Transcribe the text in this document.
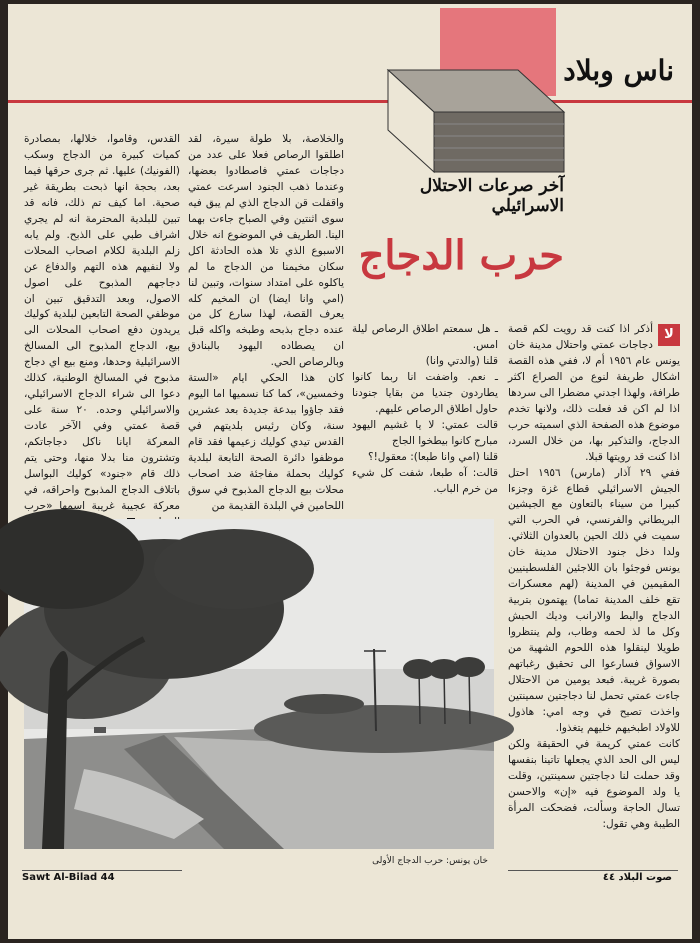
ناس وبلاد

آخر صرعات الاحتلال الاسرائيلي

حرب الدجاج

لا
أذكر اذا كنت قد رويت لكم قصة دجاجات عمتي واحتلال مدينة خان يونس عام ١٩٥٦ أم لا، ففي هذه القصة اشكال طريفة لنوع من الصراع اكثر طرافة، ولهذا اجدني مضطرا الى سردها اذا لم اكن قد فعلت ذلك، ولانها تخدم موضوع هذه الصفحة الذي اسميته حرب الدجاج، والتذكير بها، من خلال السرد، اذا كنت قد رويتها قبلا.
ففي ٢٩ آذار (مارس) ١٩٥٦ احتل الجيش الاسرائيلي قطاع غزة وجزءا كبيرا من سيناء بالتعاون مع الجيشين البريطاني والفرنسي، في الحرب التي سميت في ذلك الحين بالعدوان الثلاثي. ولدا دخل جنود الاحتلال مدينة خان يونس فوجئوا بان اللاجئين الفلسطينيين المقيمين في المدينة (لهم معسكرات تقع خلف المدينة تماما) يهتمون بتربية الدجاج والبط والارانب وديك الحبش وكل ما لذ لحمه وطاب، ولم ينتظروا طويلا لينقلوا هذه اللحوم الشهية من الاسواق فسارعوا الى تحقيق رغباتهم بصورة غريبة. فبعد يومين من الاحتلال جاءت عمتي تحمل لنا دجاجتين سمينتين واخذت تصيح في وجه امي: هاذول للاولاد اطبخيهم خليهم يتغذوا.
كانت عمتي كريمة في الحقيقة ولكن ليس الى الحد الذي يجعلها تاتينا بنفسها وقد حملت لنا دجاجتين سمينتين، وقلت يا ولد الموضوع فيه «إن» والاحسن تسال الحاجة وسألت، فضحكت المرأة الطيبة وهي تقول:
ـ هل سمعتم اطلاق الرصاص ليلة امس.
قلنا (والدتي وانا)
ـ نعم. واضفت انا ربما كانوا يطاردون جنديا من بقايا جنودنا حاول اطلاق الرصاص عليهم.
قالت عمتي: لا يا غشيم اليهود مبارح كانوا بيطخوا الجاج
قلنا (امي وانا طبعا): معقول!؟
قالت: آه طبعا، شفت كل شيء من خرم الباب.
والخلاصة، بلا طولة سيرة، لقد اطلقوا الرصاص فعلا على عدد من دجاجات عمتي فاصطادوا بعضها، وعندما ذهب الجنود اسرعت عمتي واقفلت قن الدجاج الذي لم يبق فيه سوى اثنتين وفي الصباح جاءت بهما الينا. الطريف في الموضوع انه خلال الاسبوع الذي تلا هذه الحادثة اكل سكان مخيمنا من الدجاج ما لم ياكلوه على امتداد سنوات، وتبين لنا (امي وانا ايضا) ان المخيم كله يعرف القصة، لهذا سارع كل من عنده دجاج بذبحه وطبخه واكله قبل ان يصطاده اليهود بالبنادق وبالرصاص الحي.
كان هذا الحكي ايام «الستة وخمسين»، كما كنا نسميها اما اليوم فقد جاؤوا ببدعة جديدة بعد عشرين سنة، وكان رئيس بلديتهم في القدس تيدي كوليك زعيمها فقد قام موظفوا دائرة الصحة التابعة لبلدية كوليك بحملة مفاجئة ضد اصحاب محلات بيع الدجاج المذبوح في سوق اللحامين في البلدة القديمة من
القدس، وقاموا، خلالها، بمصادرة كميات كبيرة من الدجاج وسكب (الفونيك) عليها. ثم جرى حرقها فيما بعد، بحجة انها ذبحت بطريقة غير صحية. اما كيف تم ذلك، فانه قد تبين للبلدية المحترمة انه لم يجري اشراف طبي على الذبح. ولم يابه زلم البلدية لكلام اصحاب المحلات ولا لنفيهم هذه التهم والدفاع عن دجاجهم المذبوح على اصول الاصول، وبعد التدقيق تبين ان موظفي الصحة التابعين لبلدية كوليك يريدون دفع اصحاب المحلات الى بيع، الدجاج المذبوح الى المسالخ الاسرائيلية وحدها، ومنع بيع اي دجاج مذبوح في المسالخ الوطنية، كذلك دعوا الى شراء الدجاج الاسرائيلي، والاسرائيلي وحده. ٢٠ سنة على قصة عمتي وفي الآخر عادت المعركة ايانا ناكل دجاجاتكم، وتشترون منا بدلا منها، وحتى يتم ذلك قام «جنود» كوليك البواسل باتلاف الدجاج المذبوح واحراقه، في معركة عجيبة غريبة اسمها «حرب

خان يونس: حرب الدجاج الأولى

Sawt Al-Bilad 44	صوت البلاد ٤٤
